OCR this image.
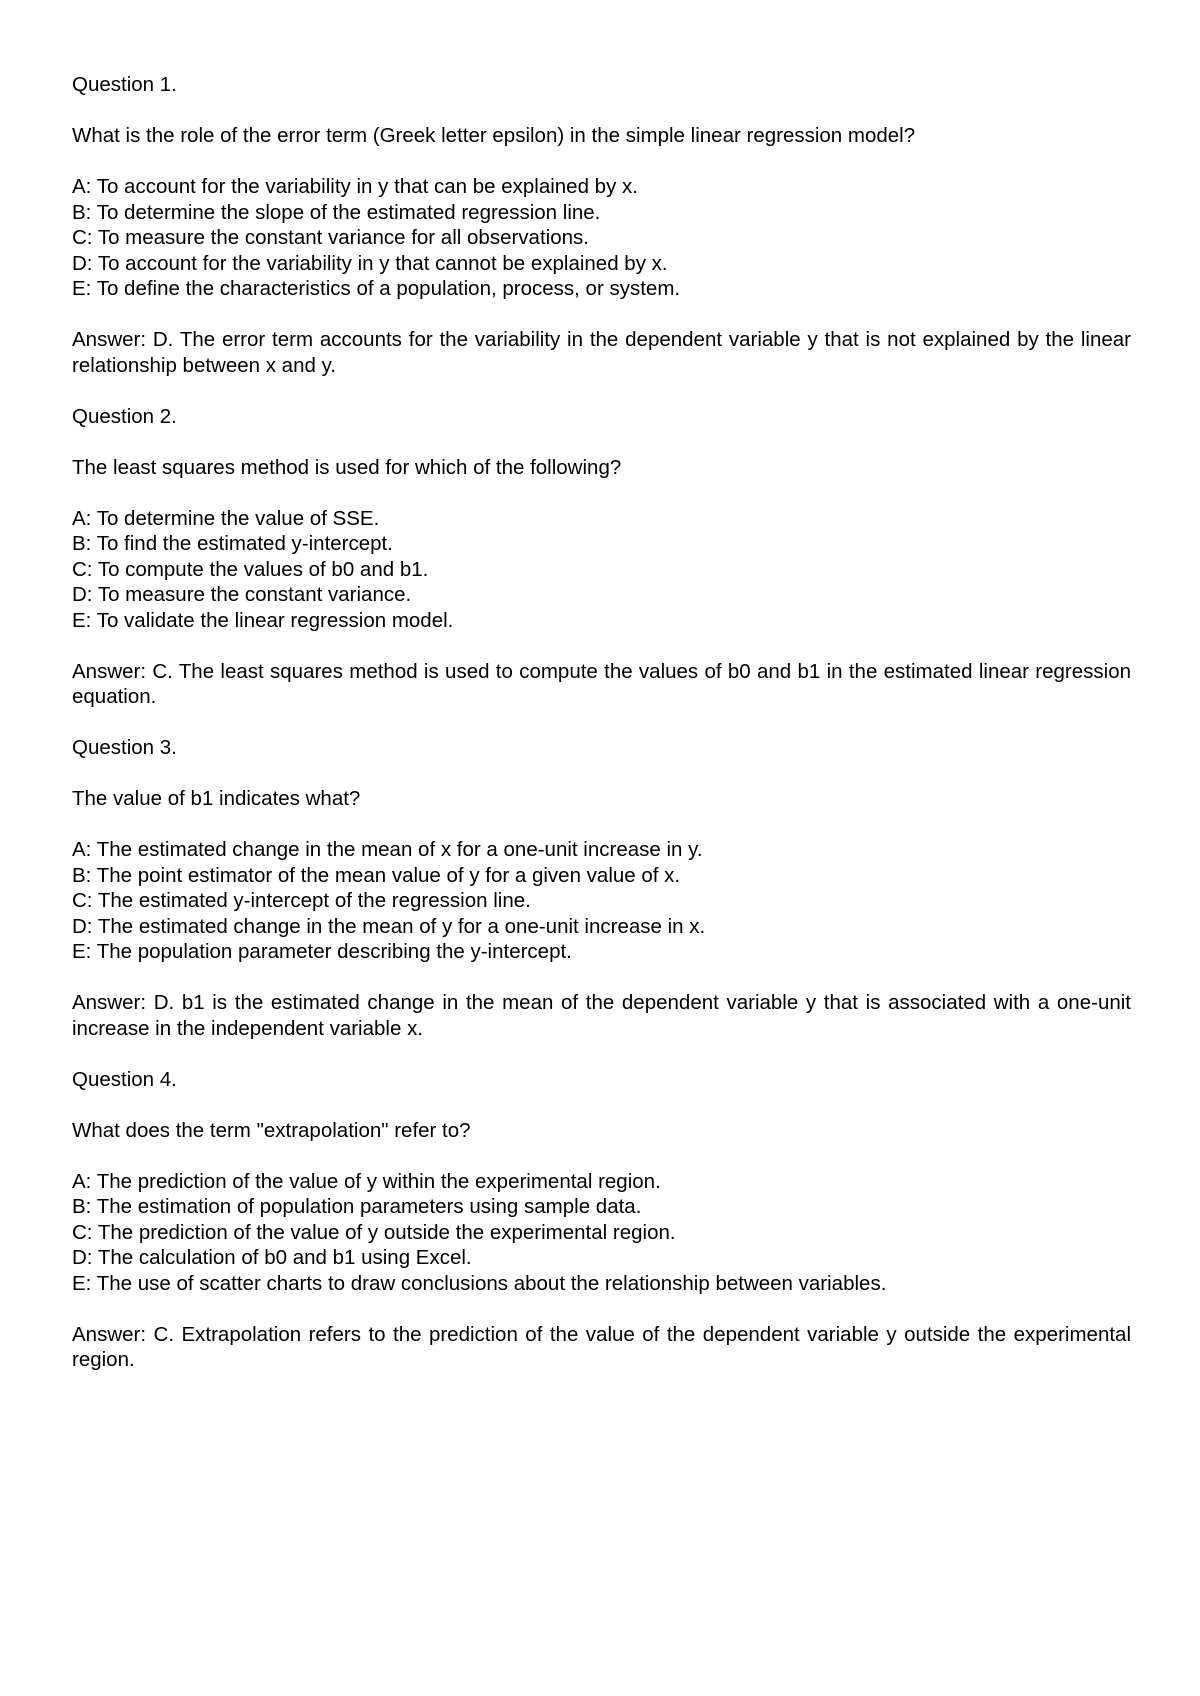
Question 1.
What is the role of the error term (Greek letter epsilon) in the simple linear regression model?
A: To account for the variability in y that can be explained by x.
B: To determine the slope of the estimated regression line.
C: To measure the constant variance for all observations.
D: To account for the variability in y that cannot be explained by x.
E: To define the characteristics of a population, process, or system.
Answer: D. The error term accounts for the variability in the dependent variable y that is not explained by the linear relationship between x and y.
Question 2.
The least squares method is used for which of the following?
A: To determine the value of SSE.
B: To find the estimated y-intercept.
C: To compute the values of b0 and b1.
D: To measure the constant variance.
E: To validate the linear regression model.
Answer: C. The least squares method is used to compute the values of b0 and b1 in the estimated linear regression equation.
Question 3.
The value of b1 indicates what?
A: The estimated change in the mean of x for a one-unit increase in y.
B: The point estimator of the mean value of y for a given value of x.
C: The estimated y-intercept of the regression line.
D: The estimated change in the mean of y for a one-unit increase in x.
E: The population parameter describing the y-intercept.
Answer: D. b1 is the estimated change in the mean of the dependent variable y that is associated with a one-unit increase in the independent variable x.
Question 4.
What does the term "extrapolation" refer to?
A: The prediction of the value of y within the experimental region.
B: The estimation of population parameters using sample data.
C: The prediction of the value of y outside the experimental region.
D: The calculation of b0 and b1 using Excel.
E: The use of scatter charts to draw conclusions about the relationship between variables.
Answer: C. Extrapolation refers to the prediction of the value of the dependent variable y outside the experimental region.
